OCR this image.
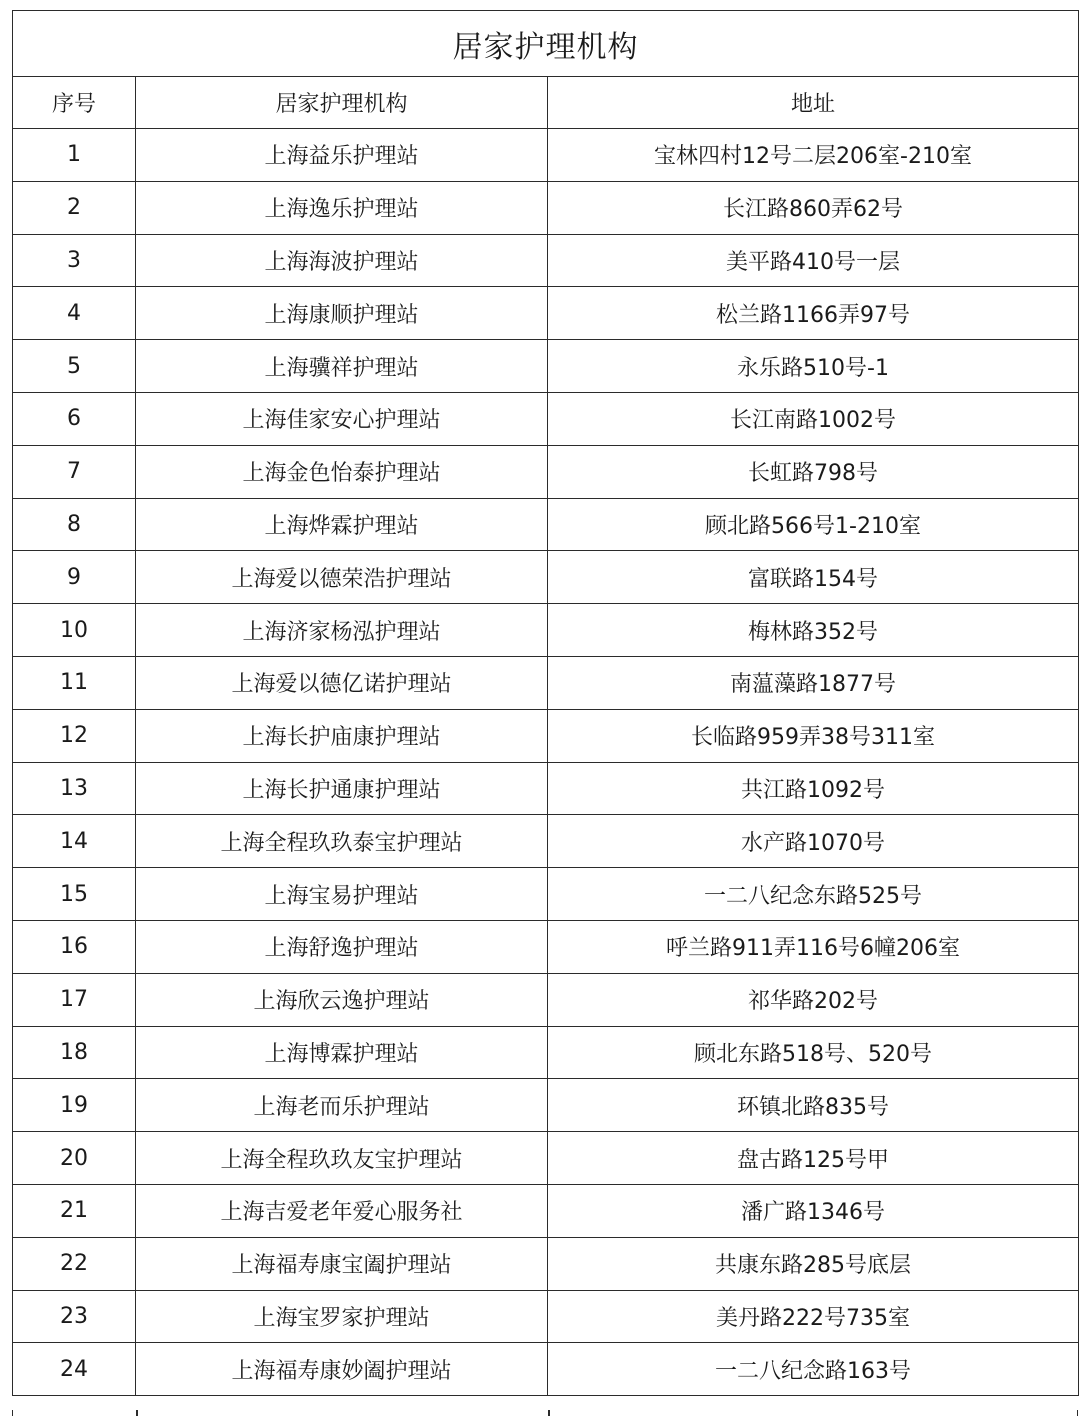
居家护理机构		
序号	居家护理机构	地址
1	上海益乐护理站	宝林四村12号二层206室-210室
2	上海逸乐护理站	长江路860弄62号
3	上海海波护理站	美平路410号一层
4	上海康顺护理站	松兰路1166弄97号
5	上海骥祥护理站	永乐路510号-1
6	上海佳家安心护理站	长江南路1002号
7	上海金色怡泰护理站	长虹路798号
8	上海烨霖护理站	顾北路566号1-210室
9	上海爱以德荣浩护理站	富联路154号
10	上海济家杨泓护理站	梅林路352号
11	上海爱以德亿诺护理站	南蕰藻路1877号
12	上海长护庙康护理站	长临路959弄38号311室
13	上海长护通康护理站	共江路1092号
14	上海全程玖玖泰宝护理站	水产路1070号
15	上海宝易护理站	一二八纪念东路525号
16	上海舒逸护理站	呼兰路911弄116号6幢206室
17	上海欣云逸护理站	祁华路202号
18	上海博霖护理站	顾北东路518号、520号
19	上海老而乐护理站	环镇北路835号
20	上海全程玖玖友宝护理站	盘古路125号甲
21	上海吉爱老年爱心服务社	潘广路1346号
22	上海福寿康宝阖护理站	共康东路285号底层
23	上海宝罗家护理站	美丹路222号735室
24	上海福寿康妙阖护理站	一二八纪念路163号
